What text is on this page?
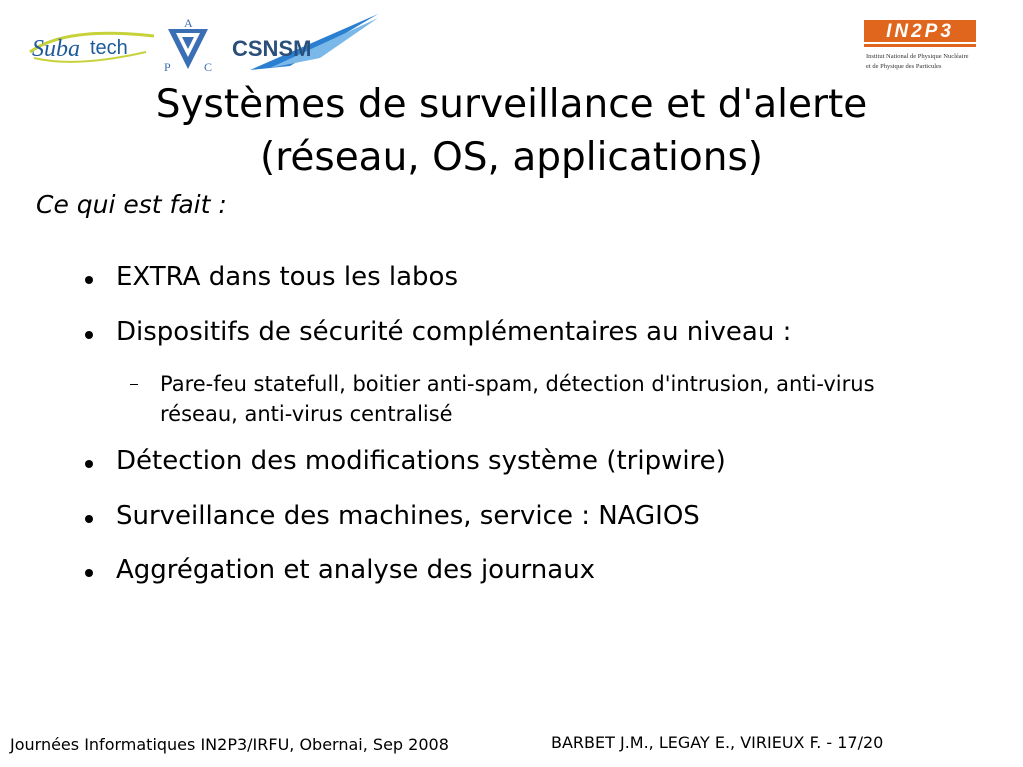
Suba tech
A
P	C
CSNSM
IN2P3
Institut National de Physique Nucléaire
et de Physique des Particules
Systèmes de surveillance et d'alerte
(réseau, OS, applications)
Ce qui est fait :
EXTRA dans tous les labos
Dispositifs de sécurité complémentaires au niveau :
Pare-feu statefull, boitier anti-spam, détection d'intrusion, anti-virus réseau, anti-virus centralisé
Détection des modifications système (tripwire)
Surveillance des machines, service : NAGIOS
Aggrégation et analyse des journaux
Journées Informatiques IN2P3/IRFU, Obernai, Sep 2008	BARBET J.M., LEGAY E., VIRIEUX F. - 17/20
